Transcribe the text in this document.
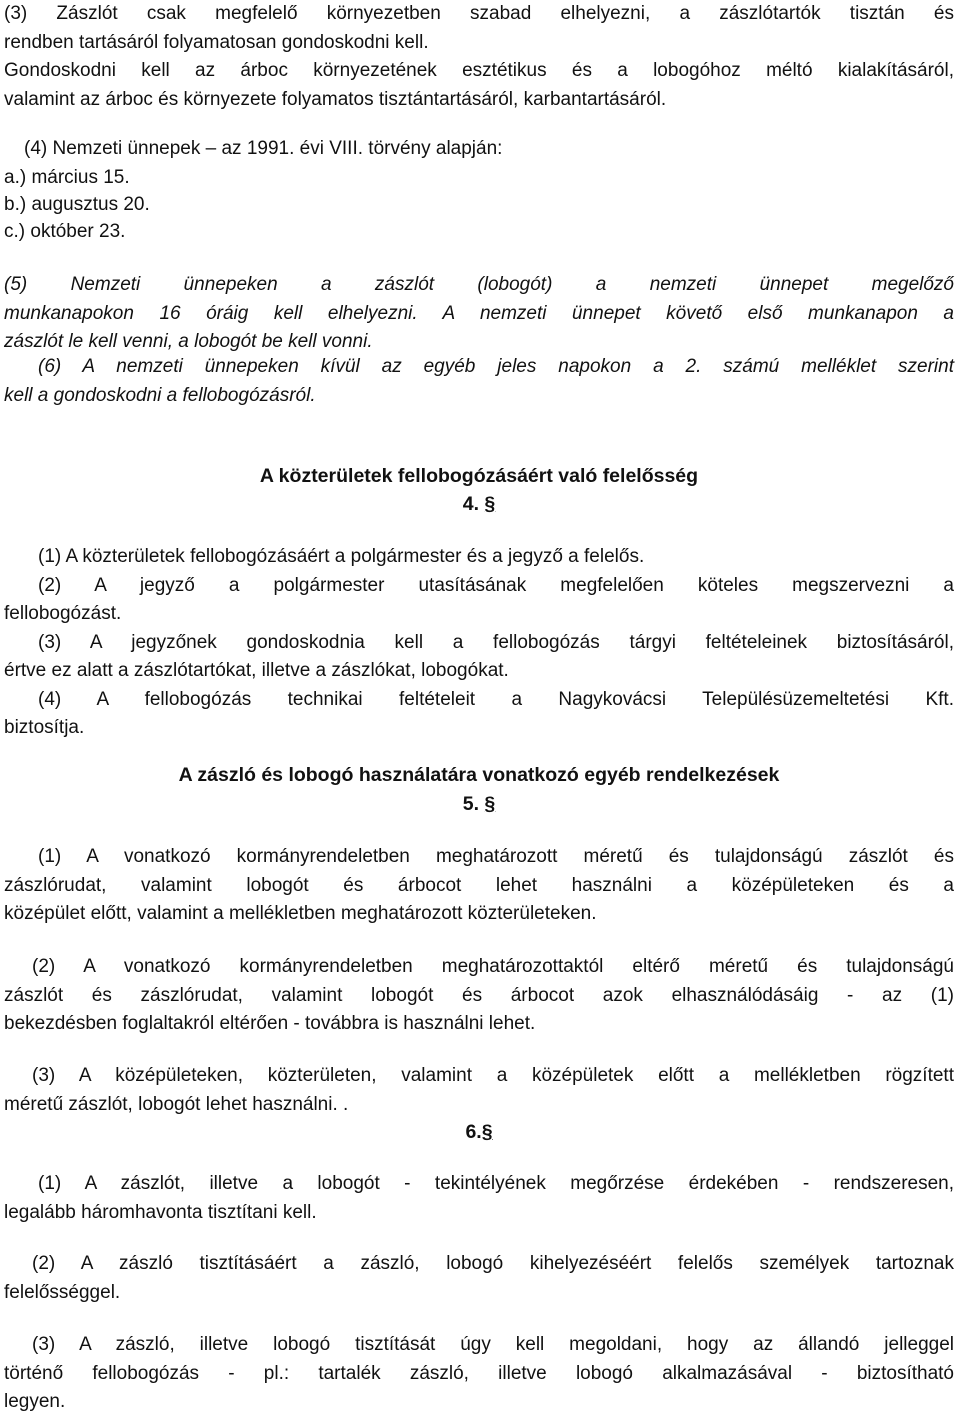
(3) Zászlót csak megfelelő környezetben szabad elhelyezni, a zászlótartók tisztán és
rendben tartásáról folyamatosan gondoskodni kell.
Gondoskodni kell az árboc környezetének esztétikus és a lobogóhoz méltó kialakításáról,
valamint az árboc és környezete folyamatos tisztántartásáról, karbantartásáról.
(4) Nemzeti ünnepek – az 1991. évi VIII. törvény alapján:
a.) március 15.
b.) augusztus 20.
c.) október 23.
(5) Nemzeti ünnepeken a zászlót (lobogót) a nemzeti ünnepet megelőző
munkanapokon 16 óráig kell elhelyezni. A nemzeti ünnepet követő első munkanapon a
zászlót le kell venni, a lobogót be kell vonni.
(6) A nemzeti ünnepeken kívül az egyéb jeles napokon a 2. számú melléklet szerint
kell a gondoskodni a fellobogózásról.
A közterületek fellobogózásáért való felelősség
4. §
(1) A közterületek fellobogózásáért a polgármester és a jegyző a felelős.
(2) A jegyző a polgármester utasításának megfelelően köteles megszervezni a
fellobogózást.
(3) A jegyzőnek gondoskodnia kell a fellobogózás tárgyi feltételeinek biztosításáról,
értve ez alatt a zászlótartókat, illetve a zászlókat, lobogókat.
(4) A fellobogózás technikai feltételeit a Nagykovácsi Településüzemeltetési Kft.
biztosítja.
A zászló és lobogó használatára vonatkozó egyéb rendelkezések
5. §
(1) A vonatkozó kormányrendeletben meghatározott méretű és tulajdonságú zászlót és
zászlórudat, valamint lobogót és árbocot lehet használni a középületeken és a
középület előtt, valamint a mellékletben meghatározott közterületeken.
(2) A vonatkozó kormányrendeletben meghatározottaktól eltérő méretű és tulajdonságú
zászlót és zászlórudat, valamint lobogót és árbocot azok elhasználódásáig - az (1)
bekezdésben foglaltakról eltérően - továbbra is használni lehet.
(3) A középületeken, közterületen, valamint a középületek előtt a mellékletben rögzített
méretű zászlót, lobogót lehet használni. .
6.§
(1) A zászlót, illetve a lobogót - tekintélyének megőrzése érdekében - rendszeresen,
legalább háromhavonta tisztítani kell.
(2) A zászló tisztításáért a zászló, lobogó kihelyezéséért felelős személyek tartoznak
felelősséggel.
(3) A zászló, illetve lobogó tisztítását úgy kell megoldani, hogy az állandó jelleggel
történő fellobogózás - pl.: tartalék zászló, illetve lobogó alkalmazásával - biztosítható
legyen.
